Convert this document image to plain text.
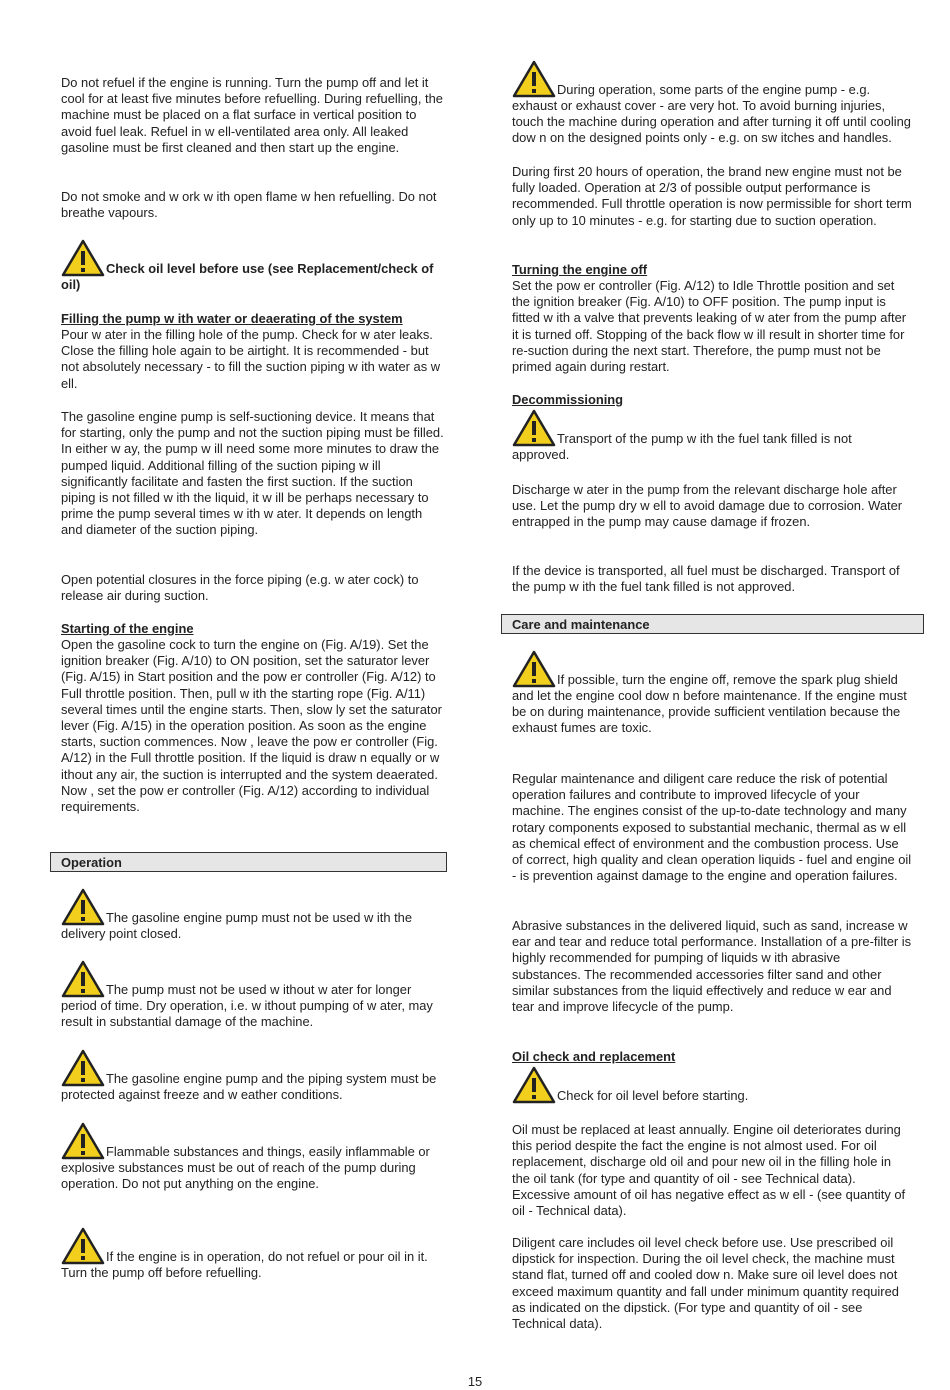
Do not refuel if the engine is running. Turn the pump off and let it cool for at least five minutes before refuelling. During refuelling, the machine must be placed on a flat surface in vertical position to avoid fuel leak. Refuel in w ell-ventilated area only. All leaked gasoline must be first cleaned and then start up the engine.

Do not smoke and w ork w ith open flame w hen refuelling. Do not breathe vapours.

Check oil level before use (see Replacement/check of oil)
Filling the pump w ith water or deaerating of the system

Pour w ater in the filling hole of the pump. Check for w ater leaks. Close the filling hole again to be airtight. It is recommended - but not absolutely necessary - to fill the suction piping w ith water as w ell.

The gasoline engine pump is self-suctioning device. It means that for starting, only the pump and not the suction piping must be filled. In either w ay, the pump w ill need some more minutes to draw the pumped liquid. Additional filling of the suction piping w ill significantly facilitate and fasten the first suction. If the suction piping is not filled w ith the liquid, it w ill be perhaps necessary to prime the pump several times w ith w ater. It depends on length and diameter of the suction piping.

Open potential closures in the force piping (e.g. w ater cock) to release air during suction.

Starting of the engine

Open the gasoline cock to turn the engine on (Fig. A/19). Set the ignition breaker (Fig. A/10) to ON position, set the saturator lever (Fig. A/15) in Start position and the pow er controller (Fig. A/12) to Full throttle position. Then, pull w ith the starting rope (Fig. A/11) several times until the engine starts. Then, slow ly set the saturator lever (Fig. A/15) in the operation position. As soon as the engine starts, suction commences. Now , leave the pow er controller (Fig. A/12) in the Full throttle position. If the liquid is draw n equally or w ithout any air, the suction is interrupted and the system deaerated. Now , set the pow er controller (Fig. A/12) according to individual requirements.

The gasoline engine pump must not be used w ith the delivery point closed.
The pump must not be used w ithout w ater for longer period of time. Dry operation, i.e. w ithout pumping of w ater, may result in substantial damage of the machine.
The gasoline engine pump and the piping system must be protected against freeze and w eather conditions.
Flammable substances and things, easily inflammable or explosive substances must be out of reach of the pump during operation. Do not put anything on the engine.
If the engine is in operation, do not refuel or pour oil in it. Turn the pump off before refuelling.
Operation
During operation, some parts of the engine pump - e.g. exhaust or exhaust cover - are very hot. To avoid burning injuries, touch the machine during operation and after turning it off until cooling dow n on the designed points only - e.g. on sw itches and handles.

During first 20 hours of operation, the brand new engine must not be fully loaded. Operation at 2/3 of possible output performance is recommended. Full throttle operation is now permissible for short term only up to 10 minutes - e.g. for starting due to suction operation.

Turning the engine off

Set the pow er controller (Fig. A/12) to Idle Throttle position and set the ignition breaker (Fig. A/10) to OFF position. The pump input is fitted w ith a valve that prevents leaking of w ater from the pump after it is turned off. Stopping of the back flow w ill result in shorter time for re-suction during the next start. Therefore, the pump must not be primed again during restart.

Decommissioning
Transport of the pump w ith the fuel tank filled is not approved.

Discharge w ater in the pump from the relevant discharge hole after use. Let the pump dry w ell to avoid damage due to corrosion. Water entrapped in the pump may cause damage if frozen.

If the device is transported, all fuel must be discharged. Transport of the pump w ith the fuel tank filled is not approved.

If possible, turn the engine off, remove the spark plug shield and let the engine cool dow n before maintenance. If the engine must be on during maintenance, provide sufficient ventilation because the exhaust fumes are toxic.

Regular maintenance and diligent care reduce the risk of potential operation failures and contribute to improved lifecycle of your machine. The engines consist of the up-to-date technology and many rotary components exposed to substantial mechanic, thermal as w ell as chemical effect of environment and the combustion process. Use of correct, high quality and clean operation liquids - fuel and engine oil - is prevention against damage to the engine and operation failures.

Abrasive substances in the delivered liquid, such as sand, increase w ear and tear and reduce total performance. Installation of a pre-filter is highly recommended for pumping of liquids w ith abrasive substances. The recommended accessories filter sand and other similar substances from the liquid effectively and reduce w ear and tear and improve lifecycle of the pump.

Oil check and replacement
Check for oil level before starting.

Oil must be replaced at least annually. Engine oil deteriorates during this period despite the fact the engine is not almost used. For oil replacement, discharge old oil and pour new oil in the filling hole in the oil tank (for type and quantity of oil - see Technical data). Excessive amount of oil has negative effect as w ell - (see quantity of oil - Technical data).

Diligent care includes oil level check before use. Use prescribed oil dipstick for inspection. During the oil level check, the machine must stand flat, turned off and cooled dow n. Make sure oil level does not exceed maximum quantity and fall under minimum quantity required as indicated on the dipstick. (For type and quantity of oil - see Technical data).

Care and maintenance
15
